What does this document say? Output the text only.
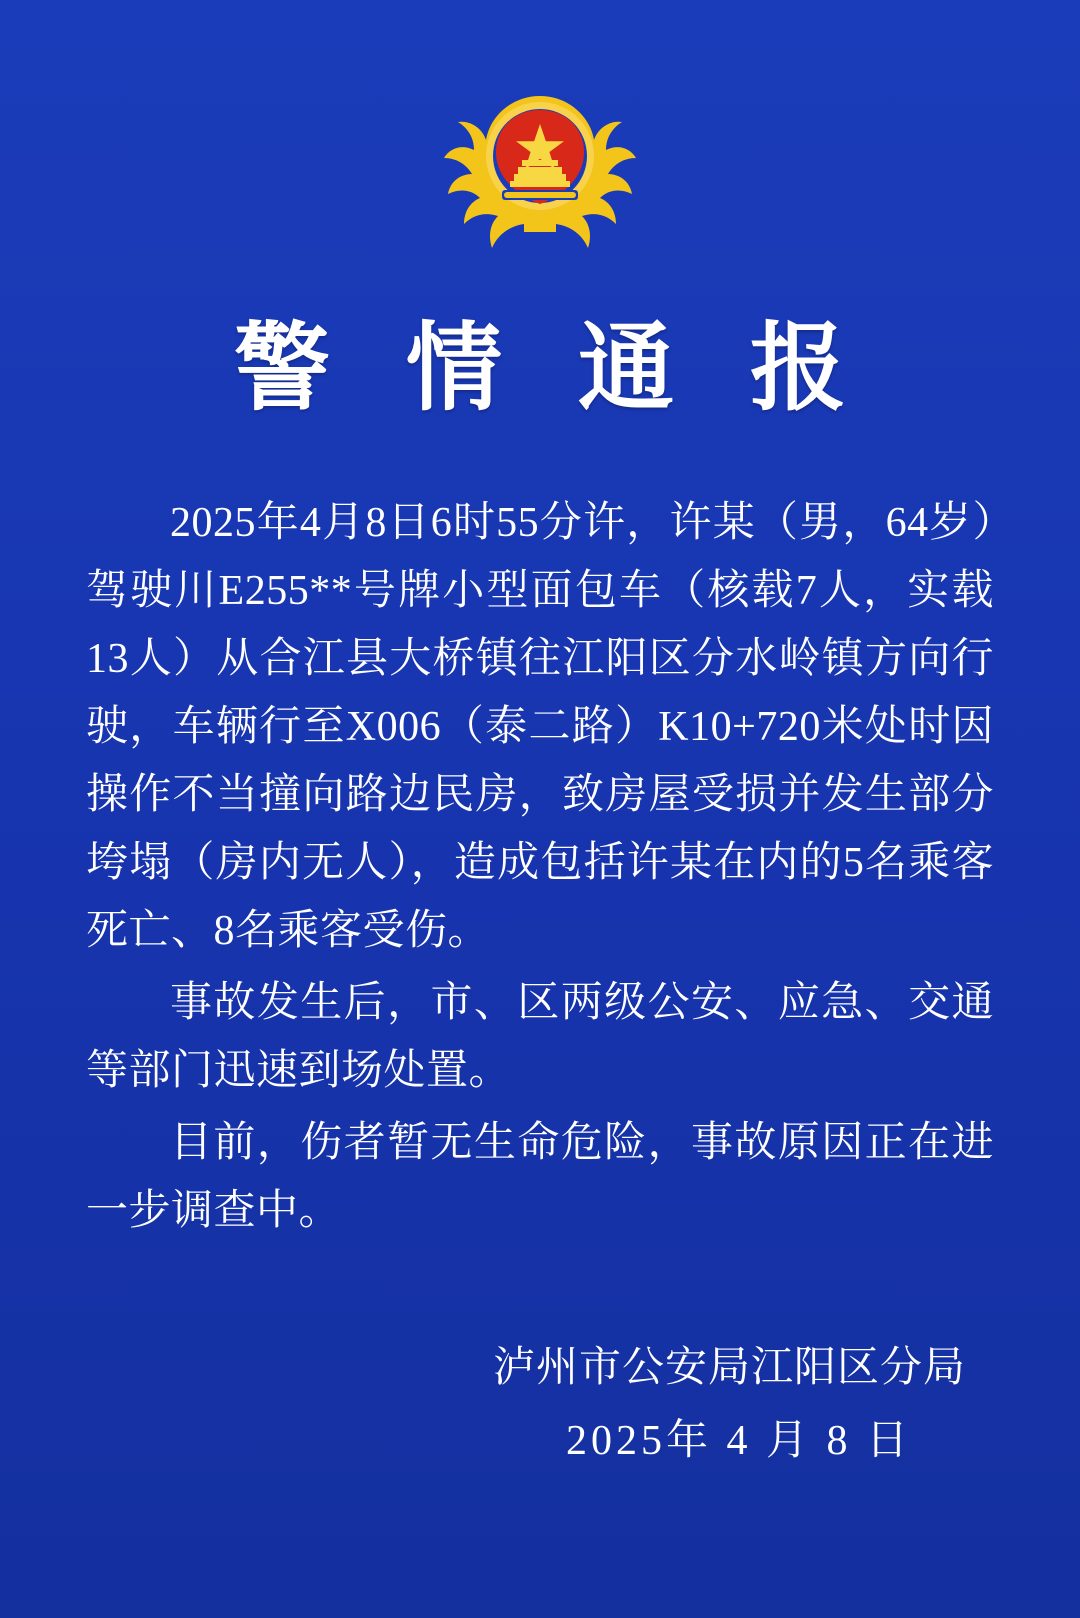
警 情 通 报

2025年4月8日6时55分许，许某（男，64岁）驾驶川E255**号牌小型面包车（核载7人，实载13人）从合江县大桥镇往江阳区分水岭镇方向行驶，车辆行至X006（泰二路）K10+720米处时因操作不当撞向路边民房，致房屋受损并发生部分垮塌（房内无人），造成包括许某在内的5名乘客死亡、8名乘客受伤。

事故发生后，市、区两级公安、应急、交通等部门迅速到场处置。

目前，伤者暂无生命危险，事故原因正在进一步调查中。

泸州市公安局江阳区分局
2025年 4 月 8 日
